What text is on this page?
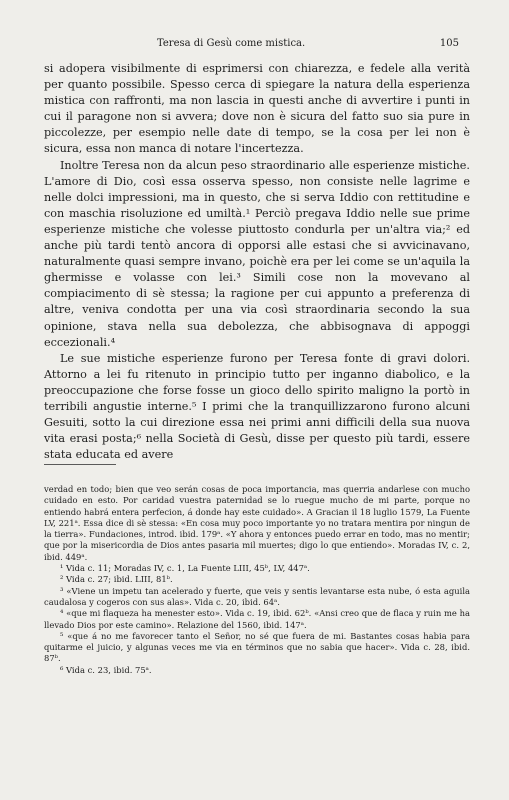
Teresa di Gesù come mistica.	105

si adopera visibilmente di esprimersi con chiarezza, e fedele alla verità per quanto possibile. Spesso cerca di spiegare la natura della esperienza mistica con raffronti, ma non lascia in questi anche di avvertire i punti in cui il paragone non si avvera; dove non è sicura del fatto suo sia pure in piccolezze, per esempio nelle date di tempo, se la cosa per lei non è sicura, essa non manca di notare l'incertezza.

Inoltre Teresa non da alcun peso straordinario alle esperienze mistiche. L'amore di Dio, così essa osserva spesso, non consiste nelle lagrime e nelle dolci impressioni, ma in questo, che si serva Iddio con rettitudine e con maschia risoluzione ed umiltà.¹ Perciò pregava Iddio nelle sue prime esperienze mistiche che volesse piuttosto condurla per un'altra via;² ed anche più tardi tentò ancora di opporsi alle estasi che si avvicinavano, naturalmente quasi sempre invano, poichè era per lei come se un'aquila la ghermisse e volasse con lei.³ Simili cose non la movevano al compiacimento di sè stessa; la ragione per cui appunto a preferenza di altre, veniva condotta per una via così straordinaria secondo la sua opinione, stava nella sua debolezza, che abbisognava di appoggi eccezionali.⁴

Le sue mistiche esperienze furono per Teresa fonte di gravi dolori. Attorno a lei fu ritenuto in principio tutto per inganno diabolico, e la preoccupazione che forse fosse un gioco dello spirito maligno la portò in terribili angustie interne.⁵ I primi che la tranquillizzarono furono alcuni Gesuiti, sotto la cui direzione essa nei primi anni difficili della sua nuova vita erasi posta;⁶ nella Società di Gesù, disse per questo più tardi, essere stata educata ed avere

verdad en todo; bien que veo serán cosas de poca importancia, mas querria andarlese con mucho cuidado en esto. Por caridad vuestra paternidad se lo ruegue mucho de mi parte, porque no entiendo habrá entera perfecion, á donde hay este cuidado». A Gracian il 18 luglio 1579, La Fuente LV, 221ᵃ. Essa dice di sè stessa: «En cosa muy poco importante yo no tratara mentira por ningun de la tierra». Fundaciones, introd. ibid. 179ᵃ. «Y ahora y entonces puedo errar en todo, mas no mentir; que por la misericordia de Dios antes pasaria mil muertes; digo lo que entiendo». Moradas IV, c. 2, ibid. 449ᵃ.

¹ Vida c. 11; Moradas IV, c. 1, La Fuente LIII, 45ᵇ, LV, 447ᵃ.

² Vida c. 27; ibid. LIII, 81ᵇ.

³ «Viene un impetu tan acelerado y fuerte, que veis y sentis levantarse esta nube, ó esta aguila caudalosa y cogeros con sus alas». Vida c. 20, ibid. 64ᵃ.

⁴ «que mi flaqueza ha menester esto». Vida c. 19, ibid. 62ᵇ. «Ansi creo que de flaca y ruin me ha llevado Dios por este camino». Relazione del 1560, ibid. 147ᵃ.

⁵ «que á no me favorecer tanto el Señor, no sé que fuera de mi. Bastantes cosas habia para quitarme el juicio, y algunas veces me via en términos que no sabia que hacer». Vida c. 28, ibid. 87ᵇ.

⁶ Vida c. 23, ibid. 75ᵃ.
